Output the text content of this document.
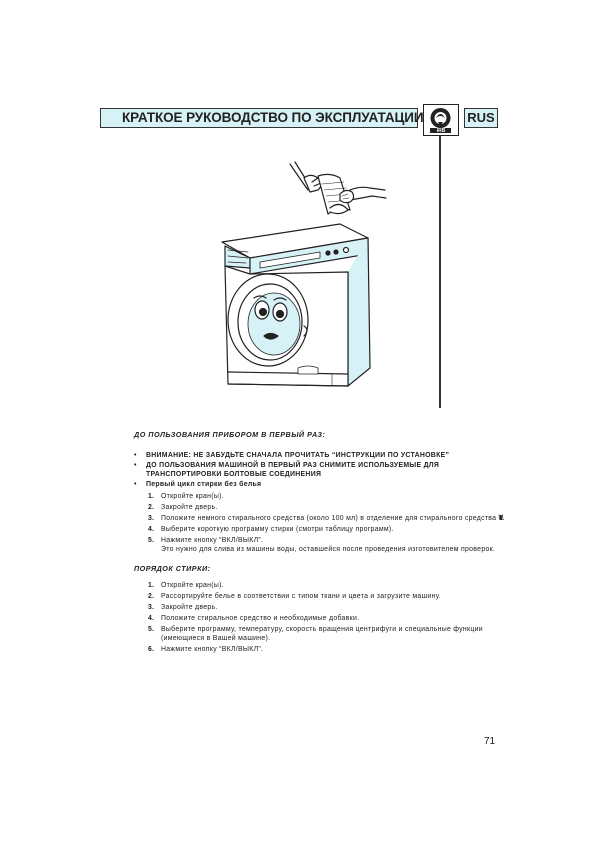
КРАТКОЕ РУКОВОДСТВО ПО ЭКСПЛУАТАЦИИ
IRB
RUS
ДО ПОЛЬЗОВАНИЯ ПРИБОРОМ В ПЕРВЫЙ РАЗ:
• ВНИМАНИЕ: НЕ ЗАБУДЬТЕ СНАЧАЛА ПРОЧИТАТЬ “ИНСТРУКЦИИ ПО УСТАНОВКЕ”
• ДО ПОЛЬЗОВАНИЯ МАШИНОЙ В ПЕРВЫЙ РАЗ СНИМИТЕ ИСПОЛЬЗУЕМЫЕ ДЛЯ ТРАНСПОРТИРОВКИ БОЛТОВЫЕ СОЕДИНЕНИЯ
• Первый цикл стирки без белья
1. Откройте кран(ы).
2. Закройте дверь.
3. Положите немного стирального средства (около 100 мл) в отделение для стирального средства \II/.
4. Выберите короткую программу стирки (смотри таблицу программ).
5. Нажмите кнопку “ВКЛ/ВЫКЛ”.
Это нужно для слива из машины воды, оставшейся после проведения изготовителем проверок.
ПОРЯДОК СТИРКИ:
1. Откройте кран(ы).
2. Рассортируйте белье в соответствии с типом ткани и цвета и загрузите машину.
3. Закройте дверь.
4. Положите стиральное средство и необходимые добавки.
5. Выберите программу, температуру, скорость вращения центрифуги и специальные функции (имеющиеся в Вашей машине).
6. Нажмите кнопку “ВКЛ/ВЫКЛ”.
71
